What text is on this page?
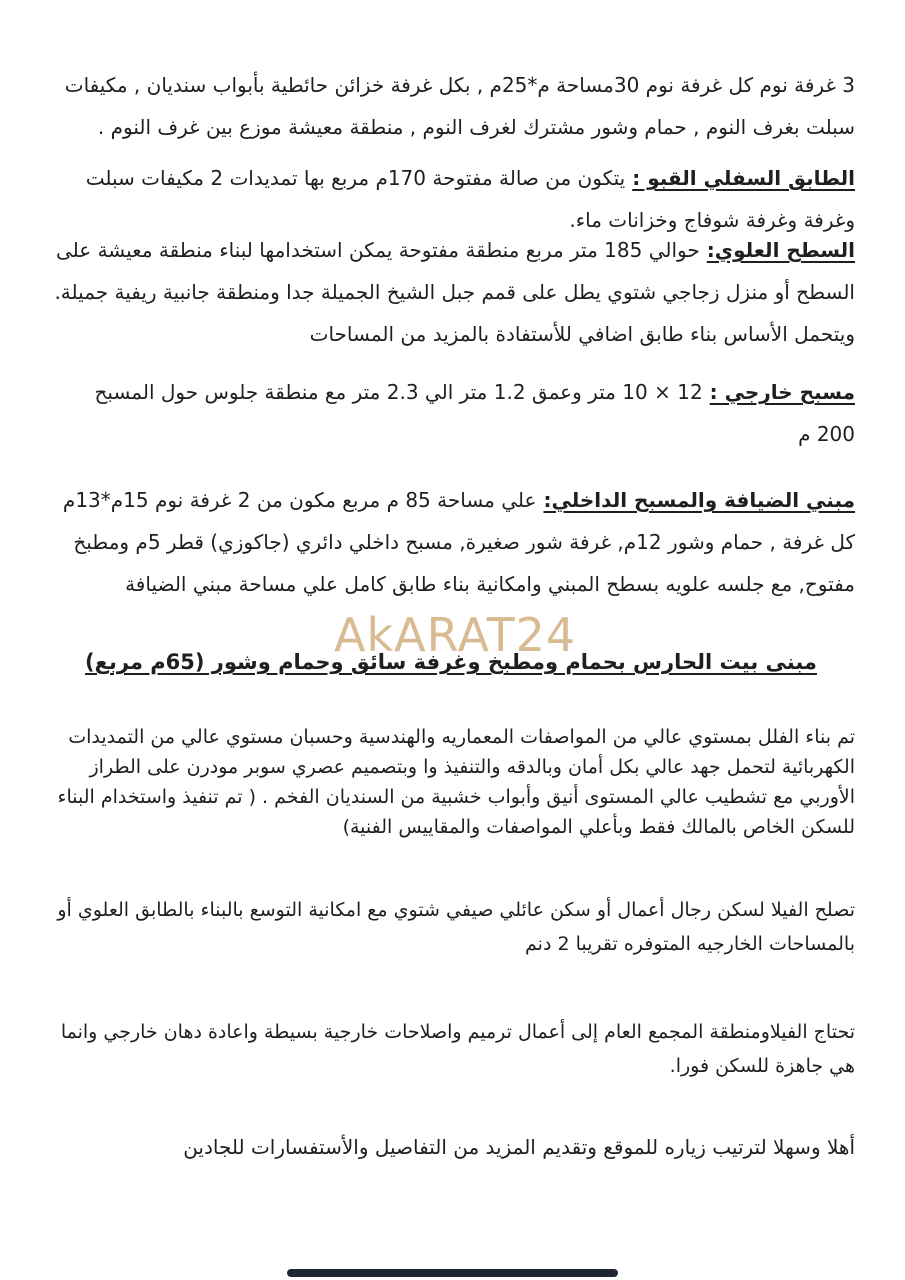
3 غرفة نوم كل غرفة نوم 30مساحة م*25م , بكل غرفة خزائن حائطية بأبواب سنديان , مكيفات سبلت بغرف النوم , حمام وشور مشترك لغرف النوم , منطقة معيشة موزع بين غرف النوم .
الطابق السفلي القبو :يتكون من صالة مفتوحة 170م مربع بها تمديدات 2 مكيفات سبلت وغرفة وغرفة شوفاج وخزانات ماء.
السطح العلوي:حوالي 185 متر مربع منطقة مفتوحة يمكن استخدامها لبناء منطقة معيشة على السطح أو منزل زجاجي شتوي يطل على قمم جبل الشيخ الجميلة جدا ومنطقة جانبية ريفية جميلة. ويتحمل الأساس بناء طابق اضافي للأستفادة بالمزيد من المساحات
مسبح خارجي :12 × 10 متر وعمق 1.2 متر الي 2.3 متر مع منطقة جلوس حول المسبح
200 م
مبني الضيافة والمسبح الداخلي:علي مساحة 85 م مربع مكون من 2 غرفة نوم 15م*13م كل غرفة , حمام وشور 12م, غرفة شور صغيرة, مسبح داخلي دائري (جاكوزي) قطر 5م ومطبخ مفتوح, مع جلسه علويه بسطح المبني وامكانية بناء طابق كامل علي مساحة مبني الضيافة
AkARAT24
مبنى بيت الحارس بحمام ومطبخ وغرفة سائق وحمام وشور (65م مربع)
تم بناء الفلل بمستوي عالي من المواصفات المعماريه والهندسية وحسبان مستوي عالي من التمديدات الكهربائية لتحمل جهد عالي بكل أمان وبالدقه والتنفيذ وا وبتصميم عصري سوبر مودرن على الطراز الأوربي مع تشطيب عالي المستوى أنيق وأبواب خشبية من السنديان الفخم . ( تم تنفيذ واستخدام البناء للسكن الخاص بالمالك فقط وبأعلي المواصفات والمقاييس الفنية)
تصلح الفيلا لسكن رجال أعمال أو سكن عائلي صيفي شتوي مع امكانية التوسع بالبناء بالطابق العلوي أو بالمساحات الخارجيه المتوفره تقريبا 2 دنم
تحتاج الفيلاومنطقة المجمع العام إلى أعمال ترميم واصلاحات خارجية بسيطة واعادة دهان خارجي وانما هي جاهزة للسكن فورا.
أهلا وسهلا لترتيب زياره للموقع وتقديم المزيد من التفاصيل والأستفسارات للجادين
